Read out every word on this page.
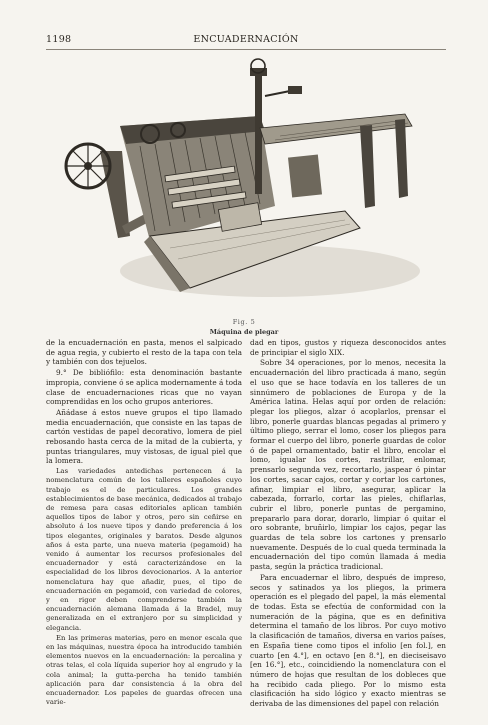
1198	ENCUADERNACIÓN
Fig. 5
Máquina de plegar

de la encuadernación en pasta, menos el salpicado de agua regia, y cubierto el resto de la tapa con tela y también con dos tejuelos.

9.° De bibliófilo: esta denominación bastante impropia, conviene ó se aplica modernamente á toda clase de encuadernaciones ricas que no vayan comprendidas en los ocho grupos anteriores.

Añádase á estos nueve grupos el tipo llamado media encuadernación, que consiste en las tapas de cartón vestidas de papel decorativo, lomera de piel rebosando hasta cerca de la mitad de la cubierta, y puntas triangulares, muy vistosas, de igual piel que la lomera.

Las variedades antedichas pertenecen á la nomenclatura común de los talleres españoles cuyo trabajo es el de particulares. Los grandes establecimientos de base mecánica, dedicados al trabajo de remesa para casas editoriales aplican también aquellos tipos de labor y otros, pero sin ceñirse en absoluto á los nueve tipos y dando preferencia á los tipos elegantes, originales y baratos. Desde algunos años á esta parte, una nueva materia (pegamoid) ha venido á aumentar los recursos profesionales del encuadernador y está caracterizándose en la especialidad de los libros devocionarios. A la anterior nomenclatura hay que añadir, pues, el tipo de encuadernación en pegamoid, con variedad de colores, y en rigor deben comprenderse también la encuadernación alemana llamada á la Bradel, muy generalizada en el extranjero por su simplicidad y elegancia.

En las primeras materias, pero en menor escala que en las máquinas, nuestra época ha introducido también elementos nuevos en la encuadernación: la percalina y otras telas, el cola líquida superior hoy al engrudo y la cola animal; la gutta-percha ha tenido también aplicación para dar consistencia á la obra del encuadernador. Los papeles de guardas ofrecen una varie-

dad en tipos, gustos y riqueza desconocidos antes de principiar el siglo XIX.

Sobre 34 operaciones, por lo menos, necesita la encuadernación del libro practicada á mano, según el uso que se hace todavía en los talleres de un sinnúmero de poblaciones de Europa y de la América latina. Helas aquí por orden de relación: plegar los pliegos, alzar ó acoplarlos, prensar el libro, ponerle guardas blancas pegadas al primero y último pliego, serrar el lomo, coser los pliegos para formar el cuerpo del libro, ponerle guardas de color ó de papel ornamentado, batir el libro, encolar el lomo, igualar los cortes, rastrillar, enlomar, prensarlo segunda vez, recortarlo, jaspear ó pintar los cortes, sacar cajos, cortar y cortar los cartones, afinar, limpiar el libro, asegurar, aplicar la cabezada, forrarlo, cortar las pieles, chiflarlas, cubrir el libro, ponerle puntas de pergamino, prepararlo para dorar, dorarlo, limpiar ó quitar el oro sobrante, bruñirlo, limpiar los cajos, pegar las guardas de tela sobre los cartones y prensarlo nuevamente. Después de lo cual queda terminada la encuadernación del tipo común llamada á media pasta, según la práctica tradicional.

Para encuadernar el libro, después de impreso, secos y satinados ya los pliegos, la primera operación es el plegado del papel, la más elemental de todas. Esta se efectúa de conformidad con la numeración de la página, que es en definitiva determina el tamaño de los libros. Por cuyo motivo la clasificación de tamaños, diversa en varios países, en España tiene como tipos el infolio [en fol.], en cuarto [en 4.°], en octavo [en 8.°], en dieciseisavo [en 16.°], etc., coincidiendo la nomenclatura con el número de hojas que resultan de los dobleces que ha recibido cada pliego. Por lo mismo esta clasificación ha sido lógico y exacto mientras se derivaba de las dimensiones del papel con relación
